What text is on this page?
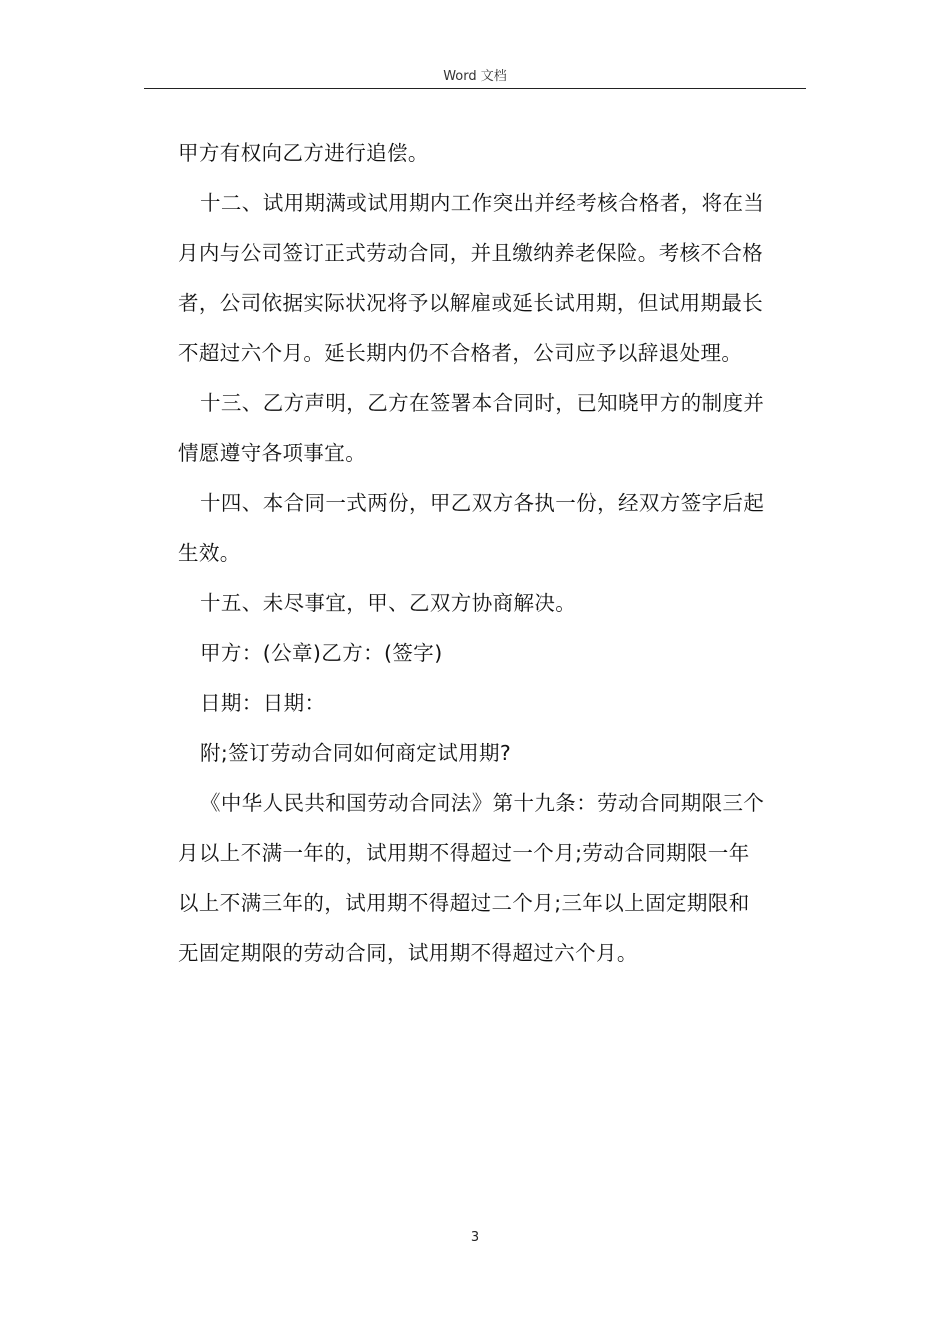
Word 文档
甲方有权向乙方进行追偿。
十二、试用期满或试用期内工作突出并经考核合格者，将在当
月内与公司签订正式劳动合同，并且缴纳养老保险。考核不合格
者，公司依据实际状况将予以解雇或延长试用期，但试用期最长
不超过六个月。延长期内仍不合格者，公司应予以辞退处理。
十三、乙方声明，乙方在签署本合同时，已知晓甲方的制度并
情愿遵守各项事宜。
十四、本合同一式两份，甲乙双方各执一份，经双方签字后起
生效。
十五、未尽事宜，甲、乙双方协商解决。
甲方：(公章)乙方：(签字)
日期：日期：
附;签订劳动合同如何商定试用期?
《中华人民共和国劳动合同法》第十九条：劳动合同期限三个
月以上不满一年的，试用期不得超过一个月;劳动合同期限一年
以上不满三年的，试用期不得超过二个月;三年以上固定期限和
无固定期限的劳动合同，试用期不得超过六个月。
3
